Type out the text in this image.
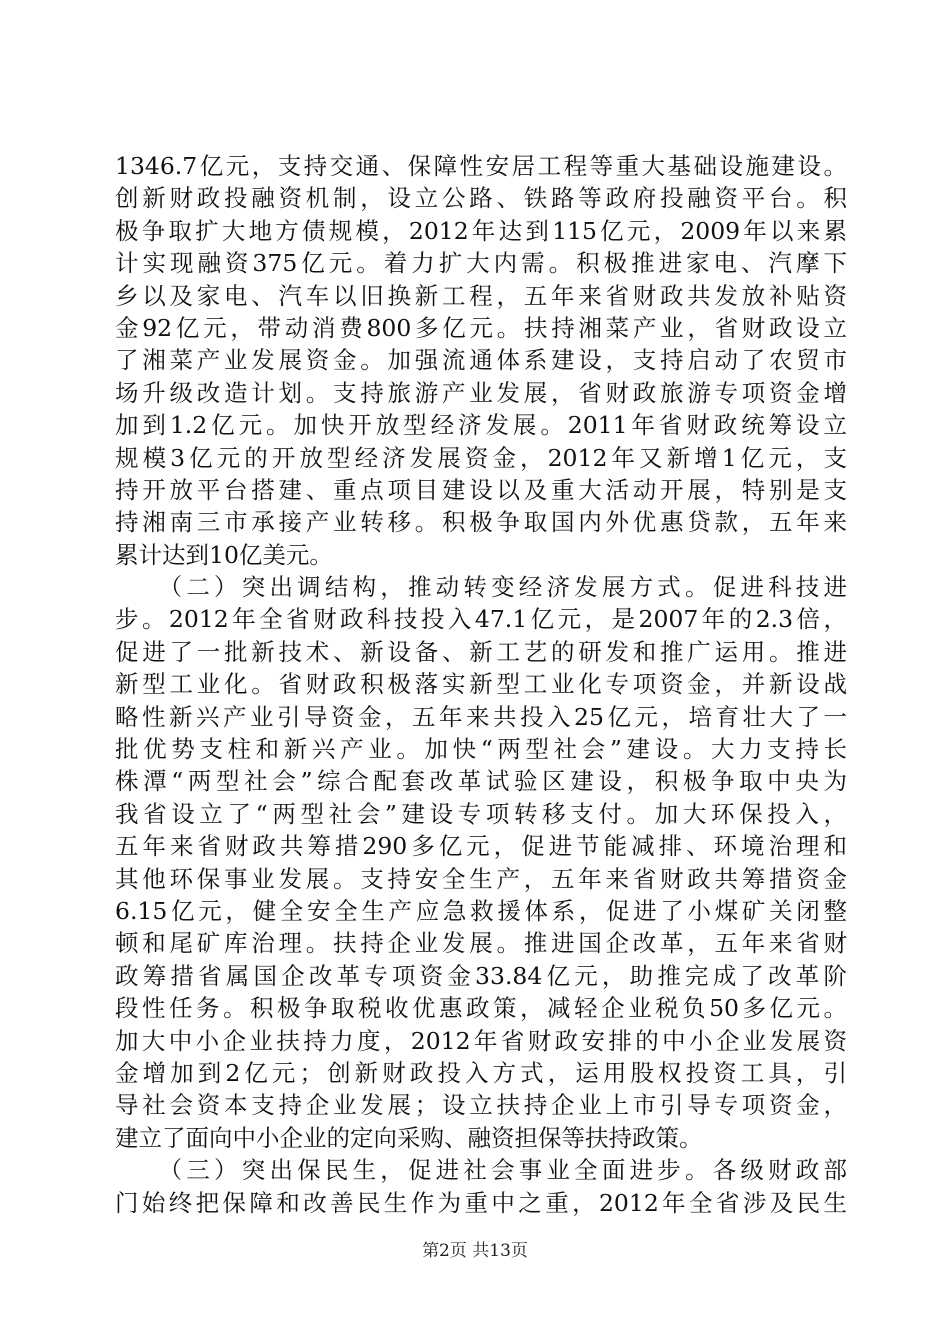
1346.7亿元，支持交通、保障性安居工程等重大基础设施建设。
创新财政投融资机制，设立公路、铁路等政府投融资平台。积
极争取扩大地方债规模，2012年达到115亿元，2009年以来累
计实现融资375亿元。着力扩大内需。积极推进家电、汽摩下
乡以及家电、汽车以旧换新工程，五年来省财政共发放补贴资
金92亿元，带动消费800多亿元。扶持湘菜产业，省财政设立
了湘菜产业发展资金。加强流通体系建设，支持启动了农贸市
场升级改造计划。支持旅游产业发展，省财政旅游专项资金增
加到1.2亿元。加快开放型经济发展。2011年省财政统筹设立
规模3亿元的开放型经济发展资金，2012年又新增1亿元，支
持开放平台搭建、重点项目建设以及重大活动开展，特别是支
持湘南三市承接产业转移。积极争取国内外优惠贷款，五年来
累计达到10亿美元。
　　（二）突出调结构，推动转变经济发展方式。促进科技进
步。2012年全省财政科技投入47.1亿元，是2007年的2.3倍，
促进了一批新技术、新设备、新工艺的研发和推广运用。推进
新型工业化。省财政积极落实新型工业化专项资金，并新设战
略性新兴产业引导资金，五年来共投入25亿元，培育壮大了一
批优势支柱和新兴产业。加快“两型社会”建设。大力支持长
株潭“两型社会”综合配套改革试验区建设，积极争取中央为
我省设立了“两型社会”建设专项转移支付。加大环保投入，
五年来省财政共筹措290多亿元，促进节能减排、环境治理和
其他环保事业发展。支持安全生产，五年来省财政共筹措资金
6.15亿元，健全安全生产应急救援体系，促进了小煤矿关闭整
顿和尾矿库治理。扶持企业发展。推进国企改革，五年来省财
政筹措省属国企改革专项资金33.84亿元，助推完成了改革阶
段性任务。积极争取税收优惠政策，减轻企业税负50多亿元。
加大中小企业扶持力度，2012年省财政安排的中小企业发展资
金增加到2亿元；创新财政投入方式，运用股权投资工具，引
导社会资本支持企业发展；设立扶持企业上市引导专项资金，
建立了面向中小企业的定向采购、融资担保等扶持政策。
　　（三）突出保民生，促进社会事业全面进步。各级财政部
门始终把保障和改善民生作为重中之重，2012年全省涉及民生
第2页 共13页
